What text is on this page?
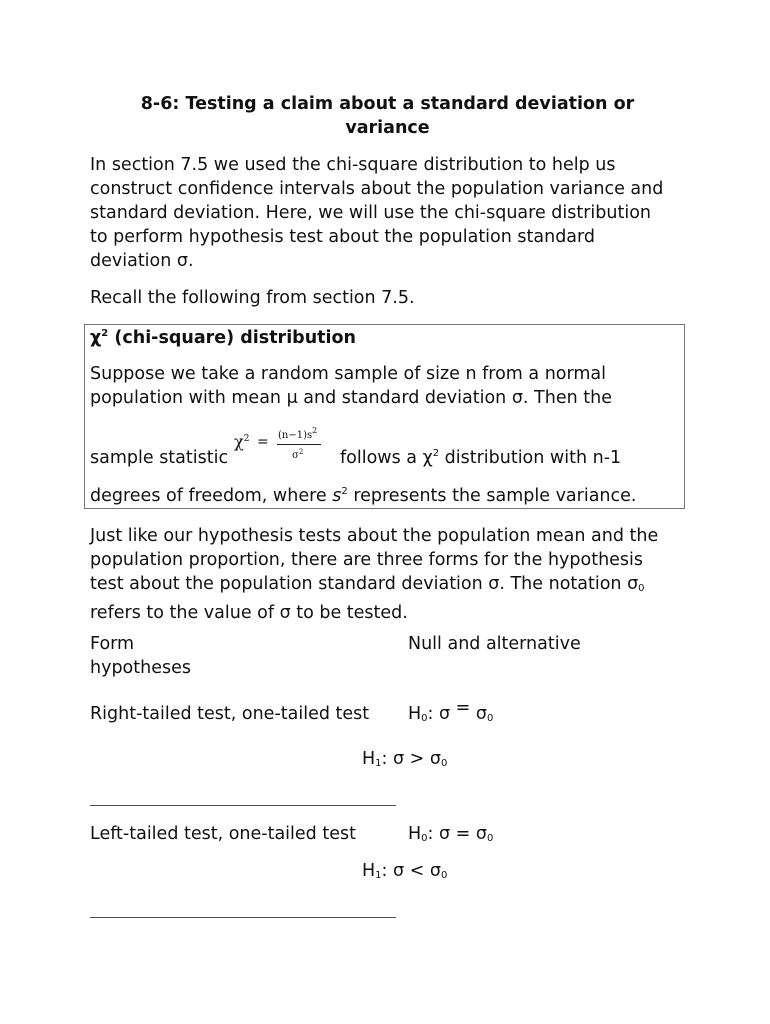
8-6: Testing a claim about a standard deviation or
variance
In section 7.5 we used the chi-square distribution to help us
construct confidence intervals about the population variance and
standard deviation. Here, we will use the chi-square distribution
to perform hypothesis test about the population standard
deviation σ.
Recall the following from section 7.5.
$\chi^2$ (chi-square) distribution
Suppose we take a random sample of size n from a normal
population with mean μ and standard deviation σ. Then the
sample statistic
$\chi^2 = (n-1)s^2$
$\sigma^2$ follows a $\chi^2$ distribution with n-1
degrees of freedom, where $s^2$ represents the sample variance.
Just like our hypothesis tests about the population mean and the
population proportion, there are three forms for the hypothesis
test about the population standard deviation σ. The notation $\sigma_0$
refers to the value of σ to be tested.
Form	Null and alternative
hypotheses
Right-tailed test, one-tailed test $H_0$: $\sigma = \sigma_0$
$H_1$: $\sigma > \sigma_0$
___________________________________________________
Left-tailed test, one-tailed test	$H_0$: $\sigma = \sigma_0$
$H_1$: $\sigma < \sigma_0$
___________________________________________________
